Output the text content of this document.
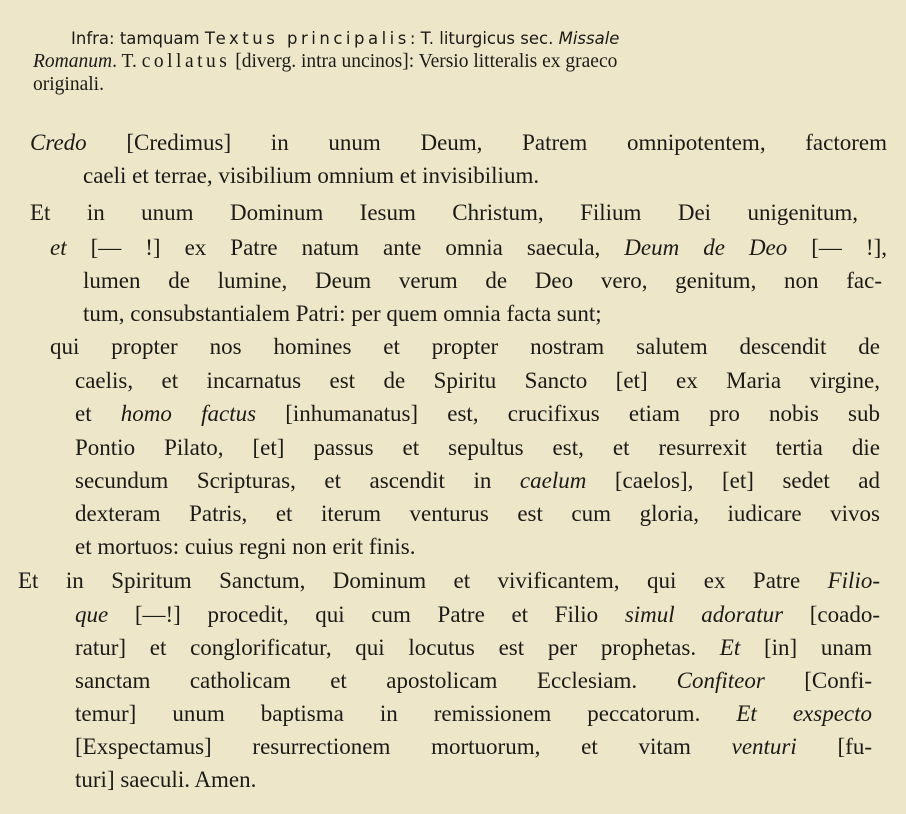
Infra: tamquam Textus principalis: T. liturgicus sec. Missale
Romanum. T. collatus [diverg. intra uncinos]: Versio litteralis ex graeco
originali.
Credo [Credimus] in unum Deum, Patrem omnipotentem, factorem
caeli et terrae, visibilium omnium et invisibilium.
Et in unum Dominum Iesum Christum, Filium Dei unigenitum,
et [— !] ex Patre natum ante omnia saecula, Deum de Deo [— !],
lumen de lumine, Deum verum de Deo vero, genitum, non fac-
tum, consubstantialem Patri: per quem omnia facta sunt;
qui propter nos homines et propter nostram salutem descendit de
caelis, et incarnatus est de Spiritu Sancto [et] ex Maria virgine,
et homo factus [inhumanatus] est, crucifixus etiam pro nobis sub
Pontio Pilato, [et] passus et sepultus est, et resurrexit tertia die
secundum Scripturas, et ascendit in caelum [caelos], [et] sedet ad
dexteram Patris, et iterum venturus est cum gloria, iudicare vivos
et mortuos: cuius regni non erit finis.
Et in Spiritum Sanctum, Dominum et vivificantem, qui ex Patre Filio-
que [—!] procedit, qui cum Patre et Filio simul adoratur [coado-
ratur] et conglorificatur, qui locutus est per prophetas. Et [in] unam
sanctam catholicam et apostolicam Ecclesiam. Confiteor [Confi-
temur] unum baptisma in remissionem peccatorum. Et exspecto
[Exspectamus] resurrectionem mortuorum, et vitam venturi [fu-
turi] saeculi. Amen.
